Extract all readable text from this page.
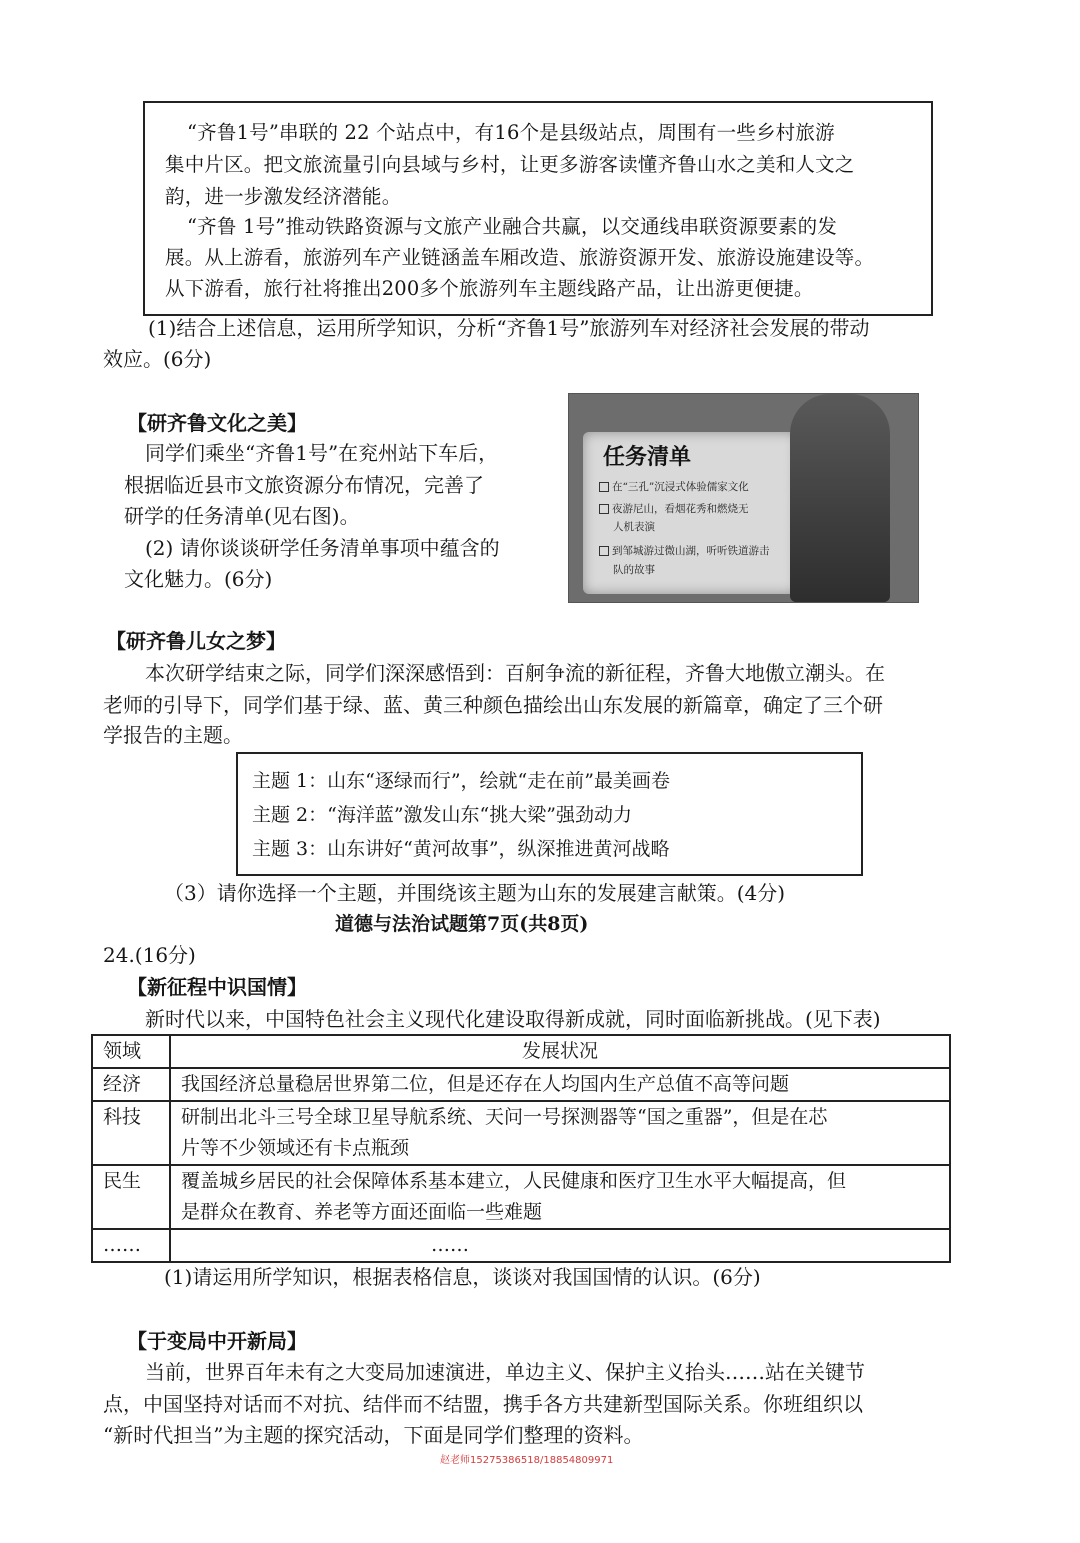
“齐鲁1号”串联的 22 个站点中，有16个是县级站点，周围有一些乡村旅游

集中片区。把文旅流量引向县域与乡村，让更多游客读懂齐鲁山水之美和人文之

韵，进一步激发经济潜能。

“齐鲁 1号”推动铁路资源与文旅产业融合共赢，以交通线串联资源要素的发

展。从上游看，旅游列车产业链涵盖车厢改造、旅游资源开发、旅游设施建设等。

从下游看，旅行社将推出200多个旅游列车主题线路产品，让出游更便捷。

(1)结合上述信息，运用所学知识，分析“齐鲁1号”旅游列车对经济社会发展的带动
效应。(6分)
【研齐鲁文化之美】
同学们乘坐“齐鲁1号”在兖州站下车后，
根据临近县市文旅资源分布情况，完善了
研学的任务清单(见右图)。
(2) 请你谈谈研学任务清单事项中蕴含的
文化魅力。(6分)
任务清单
在“三孔”沉浸式体验儒家文化
夜游尼山，看烟花秀和燃烧无
人机表演
到邹城游过微山湖，听听铁道游击
队的故事
【研齐鲁儿女之梦】
本次研学结束之际，同学们深深感悟到：百舸争流的新征程，齐鲁大地傲立潮头。在
老师的引导下，同学们基于绿、蓝、黄三种颜色描绘出山东发展的新篇章，确定了三个研
学报告的主题。

主题 1：山东“逐绿而行”，绘就“走在前”最美画卷

主题 2：“海洋蓝”激发山东“挑大梁”强劲动力

主题 3：山东讲好“黄河故事”，纵深推进黄河战略

（3）请你选择一个主题，并围绕该主题为山东的发展建言献策。(4分)
道德与法治试题第7页(共8页)
24.(16分)
【新征程中识国情】
新时代以来，中国特色社会主义现代化建设取得新成就，同时面临新挑战。(见下表)
领域	发展状况
经济	我国经济总量稳居世界第二位，但是还存在人均国内生产总值不高等问题
科技	研制出北斗三号全球卫星导航系统、天问一号探测器等“国之重器”，但是在芯
片等不少领域还有卡点瓶颈

民生	覆盖城乡居民的社会保障体系基本建立，人民健康和医疗卫生水平大幅提高，但
是群众在教育、养老等方面还面临一些难题

……	……
(1)请运用所学知识，根据表格信息，谈谈对我国国情的认识。(6分)
【于变局中开新局】
当前，世界百年未有之大变局加速演进，单边主义、保护主义抬头……站在关键节
点，中国坚持对话而不对抗、结伴而不结盟，携手各方共建新型国际关系。你班组织以
“新时代担当”为主题的探究活动，下面是同学们整理的资料。
赵老师15275386518/18854809971
